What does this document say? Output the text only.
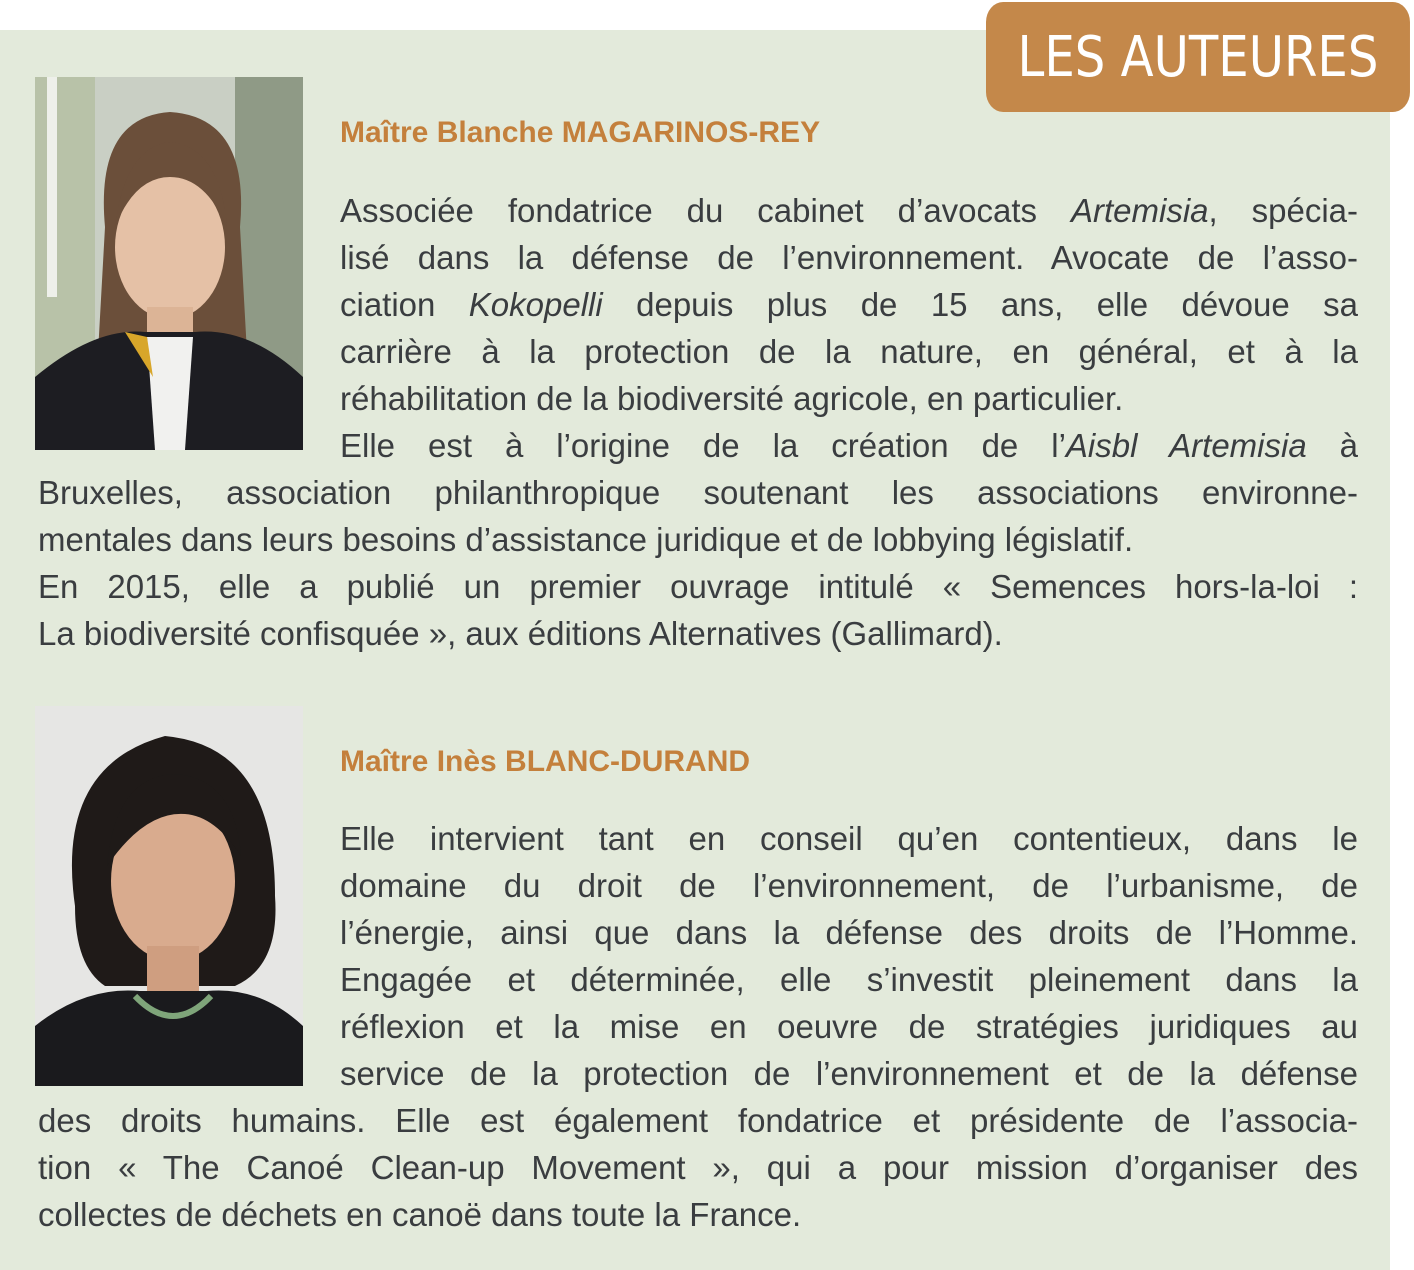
LES AUTEURES
Maître Blanche MAGARINOS-REY
Associée fondatrice du cabinet d’avocats Artemisia, spécia-
lisé dans la défense de l’environnement. Avocate de l’asso-
ciation Kokopelli depuis plus de 15 ans, elle dévoue sa
carrière à la protection de la nature, en général, et à la
réhabilitation de la biodiversité agricole, en particulier.
Elle est à l’origine de la création de l’Aisbl Artemisia à
Bruxelles, association philanthropique soutenant les associations environne-
mentales dans leurs besoins d’assistance juridique et de lobbying législatif.
En 2015, elle a publié un premier ouvrage intitulé « Semences hors-la-loi :
La biodiversité confisquée », aux éditions Alternatives (Gallimard).
Maître Inès BLANC-DURAND
Elle intervient tant en conseil qu’en contentieux, dans le
domaine du droit de l’environnement, de l’urbanisme, de
l’énergie, ainsi que dans la défense des droits de l’Homme.
Engagée et déterminée, elle s’investit pleinement dans la
réflexion et la mise en oeuvre de stratégies juridiques au
service de la protection de l’environnement et de la défense
des droits humains. Elle est également fondatrice et présidente de l’associa-
tion « The Canoé Clean-up Movement », qui a pour mission d’organiser des
collectes de déchets en canoë dans toute la France.
